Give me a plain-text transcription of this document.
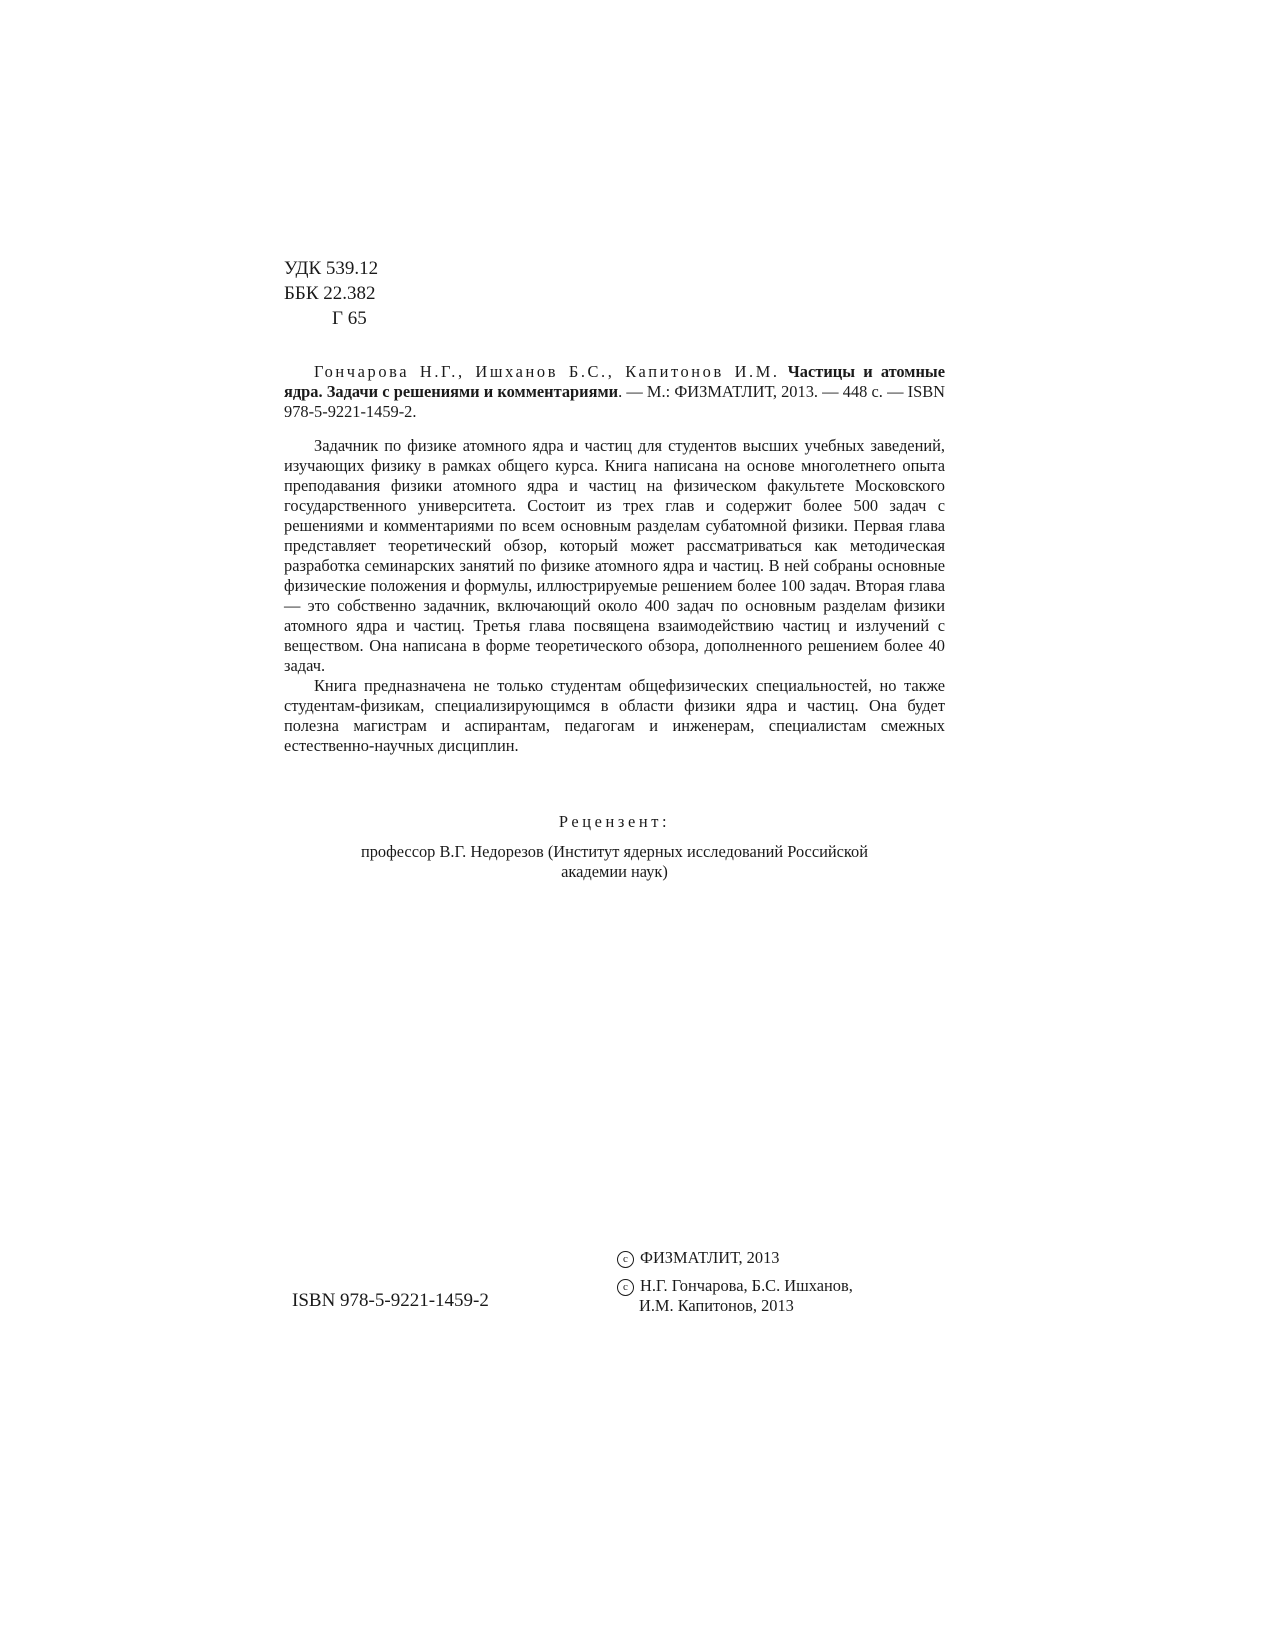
УДК 539.12
ББК 22.382
Г 65

Гончарова Н.Г., Ишханов Б.С., Капитонов И.М. Частицы и атомные ядра. Задачи с решениями и комментариями. — М.: ФИЗМАТЛИТ, 2013. — 448 с. — ISBN 978-5-9221-1459-2.

Задачник по физике атомного ядра и частиц для студентов высших учебных заведений, изучающих физику в рамках общего курса. Книга написана на основе многолетнего опыта преподавания физики атомного ядра и частиц на физическом факультете Московского государственного университета. Состоит из трех глав и содержит более 500 задач с решениями и комментариями по всем основным разделам субатомной физики. Первая глава представляет теоретический обзор, который может рассматриваться как методическая разработка семинарских занятий по физике атомного ядра и частиц. В ней собраны основные физические положения и формулы, иллюстрируемые решением более 100 задач. Вторая глава — это собственно задачник, включающий около 400 задач по основным разделам физики атомного ядра и частиц. Третья глава посвящена взаимодействию частиц и излучений с веществом. Она написана в форме теоретического обзора, дополненного решением более 40 задач.

Книга предназначена не только студентам общефизических специальностей, но также студентам-физикам, специализирующимся в области физики ядра и частиц. Она будет полезна магистрам и аспирантам, педагогам и инженерам, специалистам смежных естественно-научных дисциплин.

Рецензент:
профессор В.Г. Недорезов (Институт ядерных исследований Российской
академии наук)
ISBN 978-5-9221-1459-2
c ФИЗМАТЛИТ, 2013
c Н.Г. Гончарова, Б.С. Ишханов,
И.М. Капитонов, 2013
